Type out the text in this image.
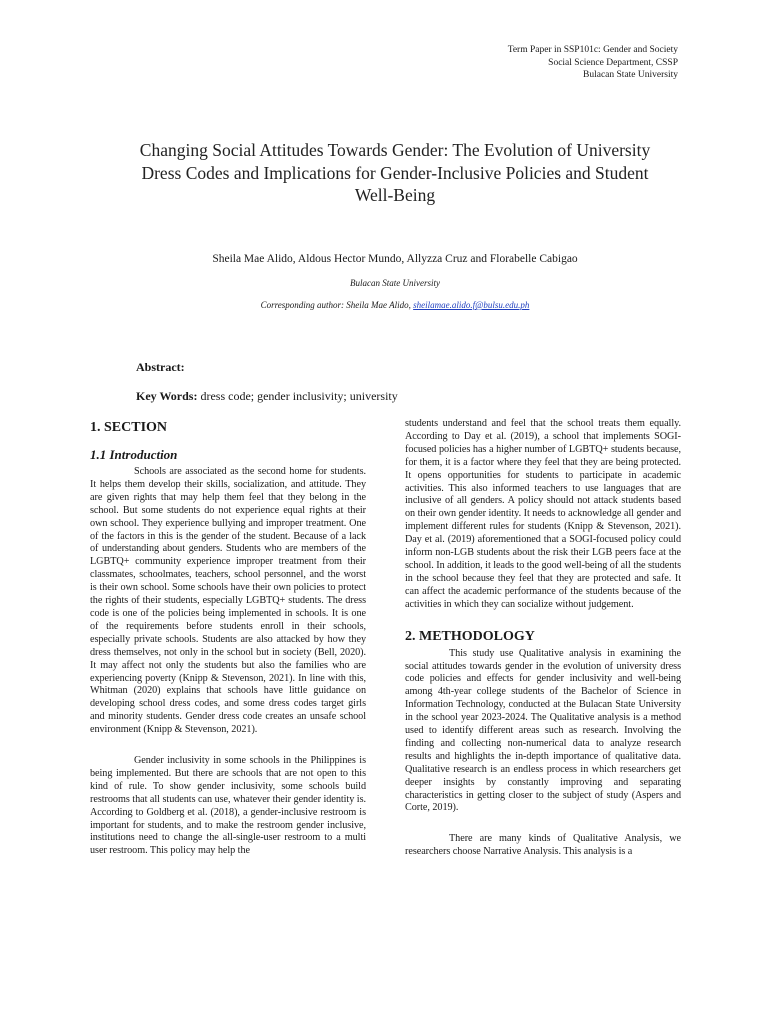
Term Paper in SSP101c: Gender and Society
Social Science Department, CSSP
Bulacan State University
Changing Social Attitudes Towards Gender: The Evolution of University Dress Codes and Implications for Gender-Inclusive Policies and Student Well-Being
Sheila Mae Alido, Aldous Hector Mundo, Allyzza Cruz and Florabelle Cabigao
Bulacan State University
Corresponding author: Sheila Mae Alido, sheilamae.alido.f@bulsu.edu.ph
Abstract:
Key Words: dress code; gender inclusivity; university
1. SECTION
1.1 Introduction

Schools are associated as the second home for students. It helps them develop their skills, socialization, and attitude. They are given rights that may help them feel that they belong in the school. But some students do not experience equal rights at their own school. They experience bullying and improper treatment. One of the factors in this is the gender of the student. Because of a lack of understanding about genders. Students who are members of the LGBTQ+ community experience improper treatment from their classmates, schoolmates, teachers, school personnel, and the worst is their own school. Some schools have their own policies to protect the rights of their students, especially LGBTQ+ students. The dress code is one of the policies being implemented in schools. It is one of the requirements before students enroll in their schools, especially private schools. Students are also attacked by how they dress themselves, not only in the school but in society (Bell, 2020). It may affect not only the students but also the families who are experiencing poverty (Knipp & Stevenson, 2021). In line with this, Whitman (2020) explains that schools have little guidance on developing school dress codes, and some dress codes target girls and minority students. Gender dress code creates an unsafe school environment (Knipp & Stevenson, 2021).

Gender inclusivity in some schools in the Philippines is being implemented. But there are schools that are not open to this kind of rule. To show gender inclusivity, some schools build restrooms that all students can use, whatever their gender identity is. According to Goldberg et al. (2018), a gender-inclusive restroom is important for students, and to make the restroom gender inclusive, institutions need to change the all-single-user restroom to a multi user restroom. This policy may help the

students understand and feel that the school treats them equally. According to Day et al. (2019), a school that implements SOGI-focused policies has a higher number of LGBTQ+ students because, for them, it is a factor where they feel that they are being protected. It opens opportunities for students to participate in academic activities. This also informed teachers to use languages that are inclusive of all genders. A policy should not attack students based on their own gender identity. It needs to acknowledge all gender and implement different rules for students (Knipp & Stevenson, 2021). Day et al. (2019) aforementioned that a SOGI-focused policy could inform non-LGB students about the risk their LGB peers face at the school. In addition, it leads to the good well-being of all the students in the school because they feel that they are protected and safe. It can affect the academic performance of the students because of the activities in which they can socialize without judgement.

2. METHODOLOGY

This study use Qualitative analysis in examining the social attitudes towards gender in the evolution of university dress code policies and effects for gender inclusivity and well-being among 4th-year college students of the Bachelor of Science in Information Technology, conducted at the Bulacan State University in the school year 2023-2024. The Qualitative analysis is a method used to identify different areas such as research. Involving the finding and collecting non-numerical data to analyze research results and highlights the in-depth importance of qualitative data. Qualitative research is an endless process in which researchers get deeper insights by constantly improving and separating characteristics in getting closer to the subject of study (Aspers and Corte, 2019).

There are many kinds of Qualitative Analysis, we researchers choose Narrative Analysis. This analysis is a
